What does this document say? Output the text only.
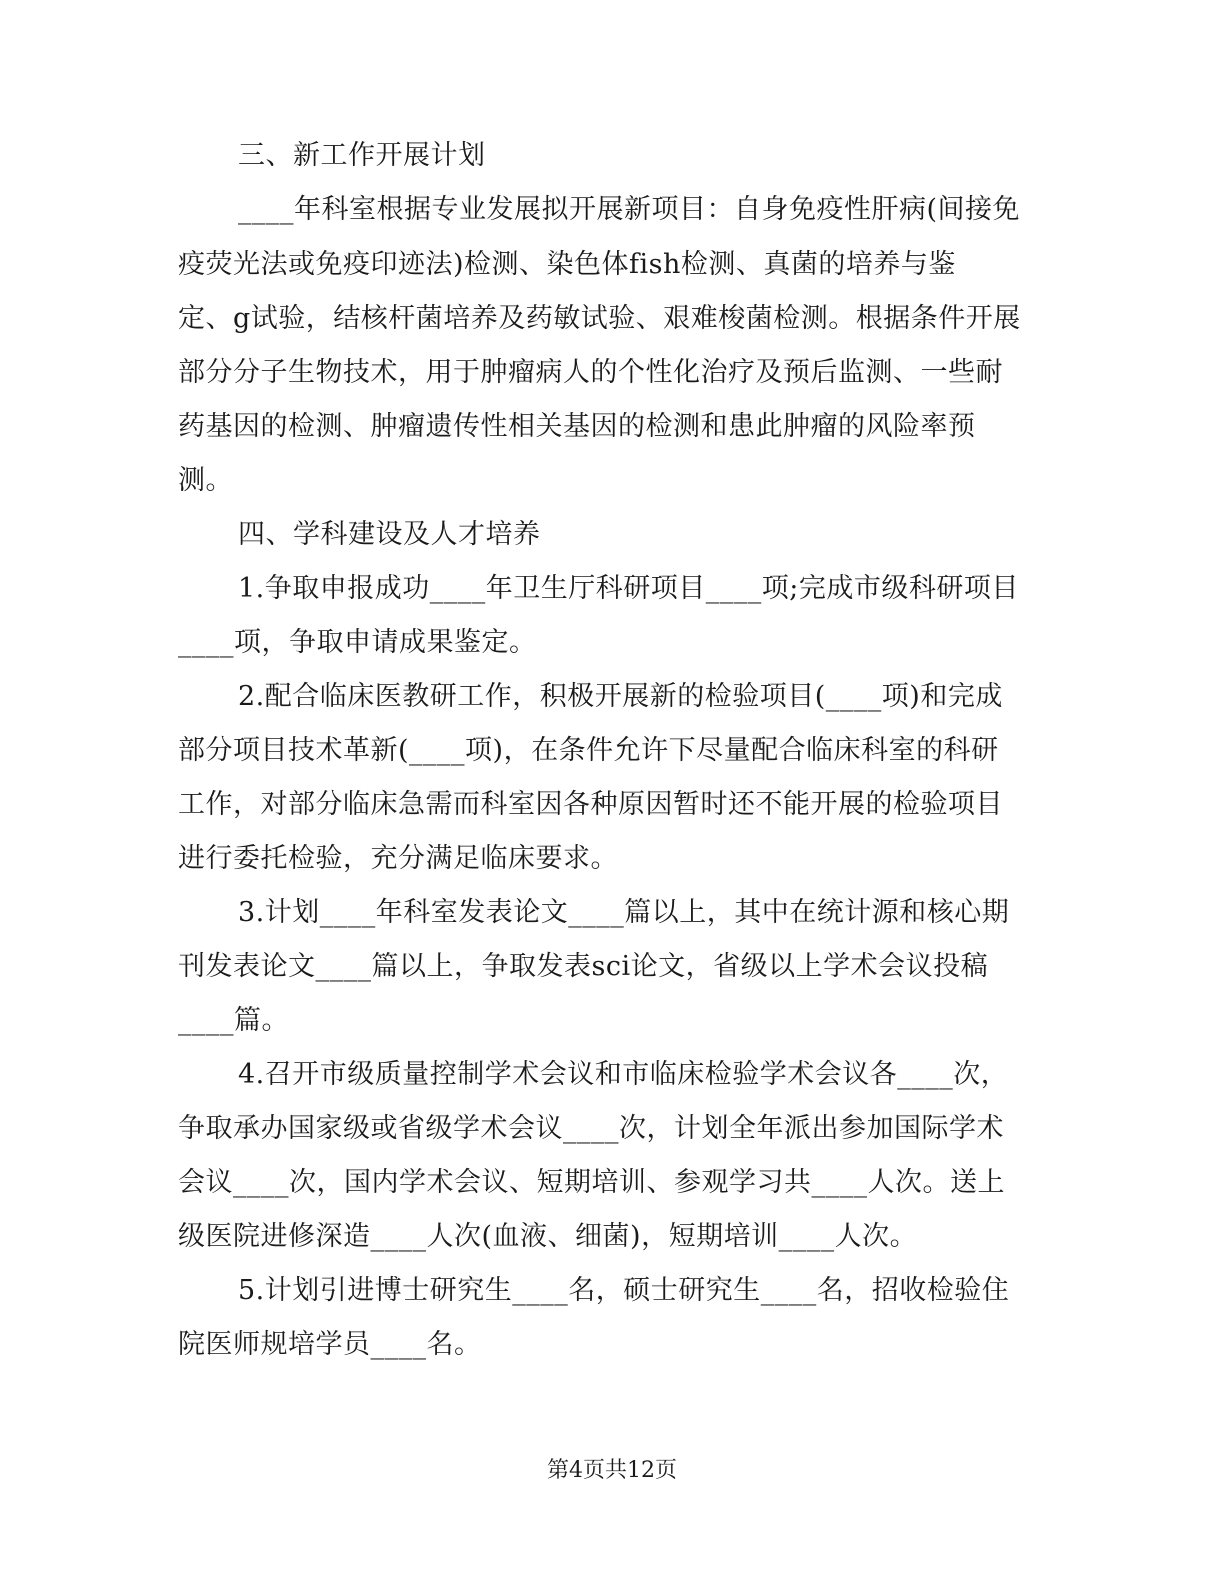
三、新工作开展计划
____年科室根据专业发展拟开展新项目：自身免疫性肝病(间接免
疫荧光法或免疫印迹法)检测、染色体fish检测、真菌的培养与鉴
定、g试验，结核杆菌培养及药敏试验、艰难梭菌检测。根据条件开展
部分分子生物技术，用于肿瘤病人的个性化治疗及预后监测、一些耐
药基因的检测、肿瘤遗传性相关基因的检测和患此肿瘤的风险率预
测。
四、学科建设及人才培养
1.争取申报成功____年卫生厅科研项目____项;完成市级科研项目
____项，争取申请成果鉴定。
2.配合临床医教研工作，积极开展新的检验项目(____项)和完成
部分项目技术革新(____项)，在条件允许下尽量配合临床科室的科研
工作，对部分临床急需而科室因各种原因暂时还不能开展的检验项目
进行委托检验，充分满足临床要求。
3.计划____年科室发表论文____篇以上，其中在统计源和核心期
刊发表论文____篇以上，争取发表sci论文，省级以上学术会议投稿
____篇。
4.召开市级质量控制学术会议和市临床检验学术会议各____次，
争取承办国家级或省级学术会议____次，计划全年派出参加国际学术
会议____次，国内学术会议、短期培训、参观学习共____人次。送上
级医院进修深造____人次(血液、细菌)，短期培训____人次。
5.计划引进博士研究生____名，硕士研究生____名，招收检验住
院医师规培学员____名。
第4页共12页
